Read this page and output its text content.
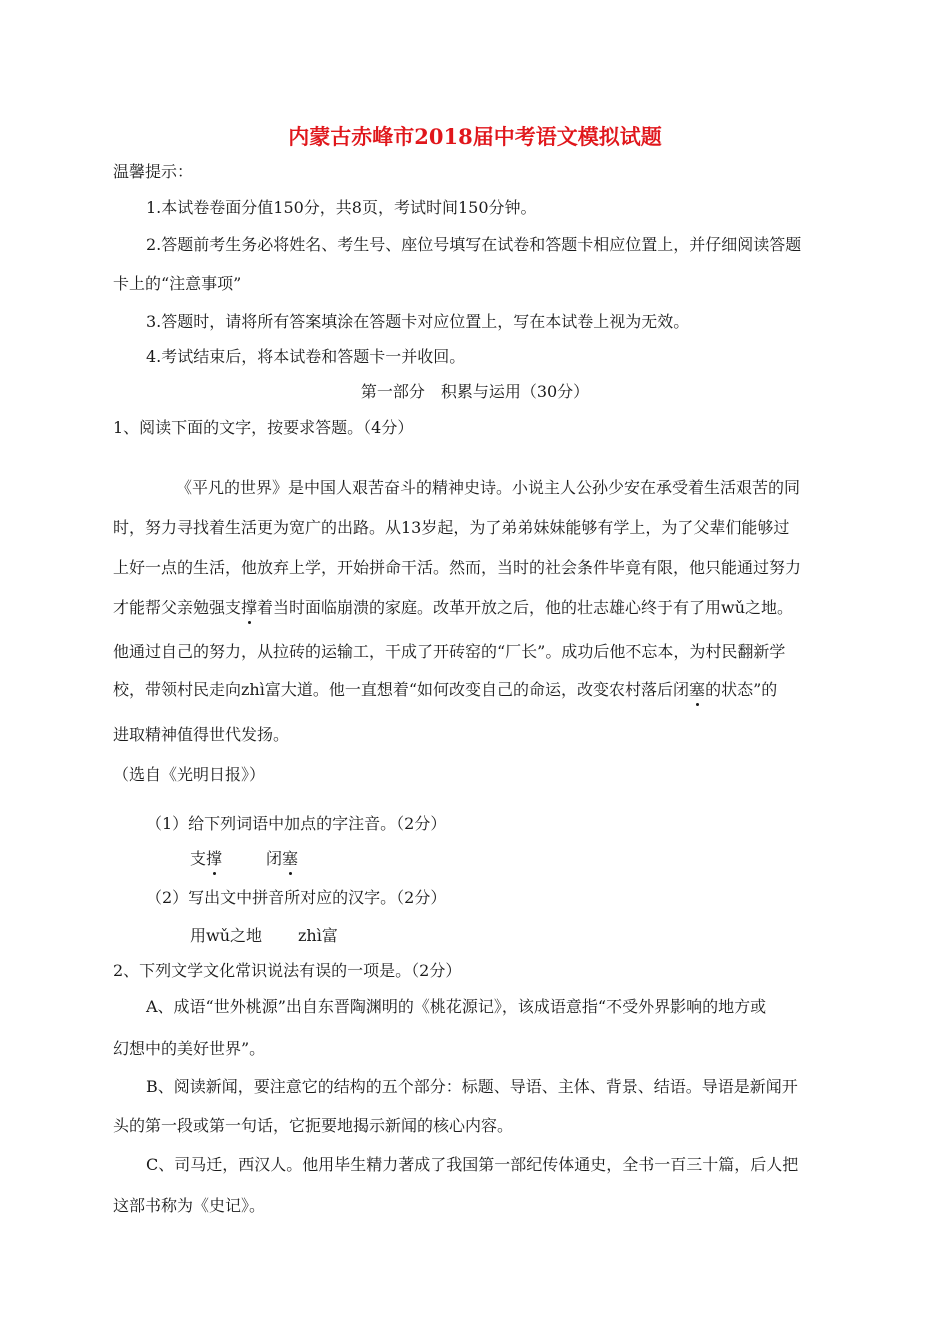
内蒙古赤峰市2018届中考语文模拟试题
温馨提示：
1.本试卷卷面分值150分，共8页，考试时间150分钟。
2.答题前考生务必将姓名、考生号、座位号填写在试卷和答题卡相应位置上，并仔细阅读答题
卡上的“注意事项”
3.答题时，请将所有答案填涂在答题卡对应位置上，写在本试卷上视为无效。
4.考试结束后，将本试卷和答题卡一并收回。
第一部分　积累与运用（30分）
1、阅读下面的文字，按要求答题。（4分）
《平凡的世界》是中国人艰苦奋斗的精神史诗。小说主人公孙少安在承受着生活艰苦的同
时，努力寻找着生活更为宽广的出路。从13岁起，为了弟弟妹妹能够有学上，为了父辈们能够过
上好一点的生活，他放弃上学，开始拼命干活。然而，当时的社会条件毕竟有限，他只能通过努力
才能帮父亲勉强支撑着当时面临崩溃的家庭。改革开放之后，他的壮志雄心终于有了用wǔ之地。
他通过自己的努力，从拉砖的运输工，干成了开砖窑的“厂长”。成功后他不忘本，为村民翻新学
校，带领村民走向zhì富大道。他一直想着“如何改变自己的命运，改变农村落后闭塞的状态”的
进取精神值得世代发扬。
（选自《光明日报》）
（1）给下列词语中加点的字注音。（2分）
支撑	闭塞
（2）写出文中拼音所对应的汉字。（2分）
用wǔ之地 zhì富
2、下列文学文化常识说法有误的一项是。（2分）
A、成语“世外桃源”出自东晋陶渊明的《桃花源记》，该成语意指“不受外界影响的地方或
幻想中的美好世界”。
B、阅读新闻，要注意它的结构的五个部分：标题、导语、主体、背景、结语。导语是新闻开
头的第一段或第一句话，它扼要地揭示新闻的核心内容。
C、司马迁，西汉人。他用毕生精力著成了我国第一部纪传体通史，全书一百三十篇，后人把
这部书称为《史记》。
